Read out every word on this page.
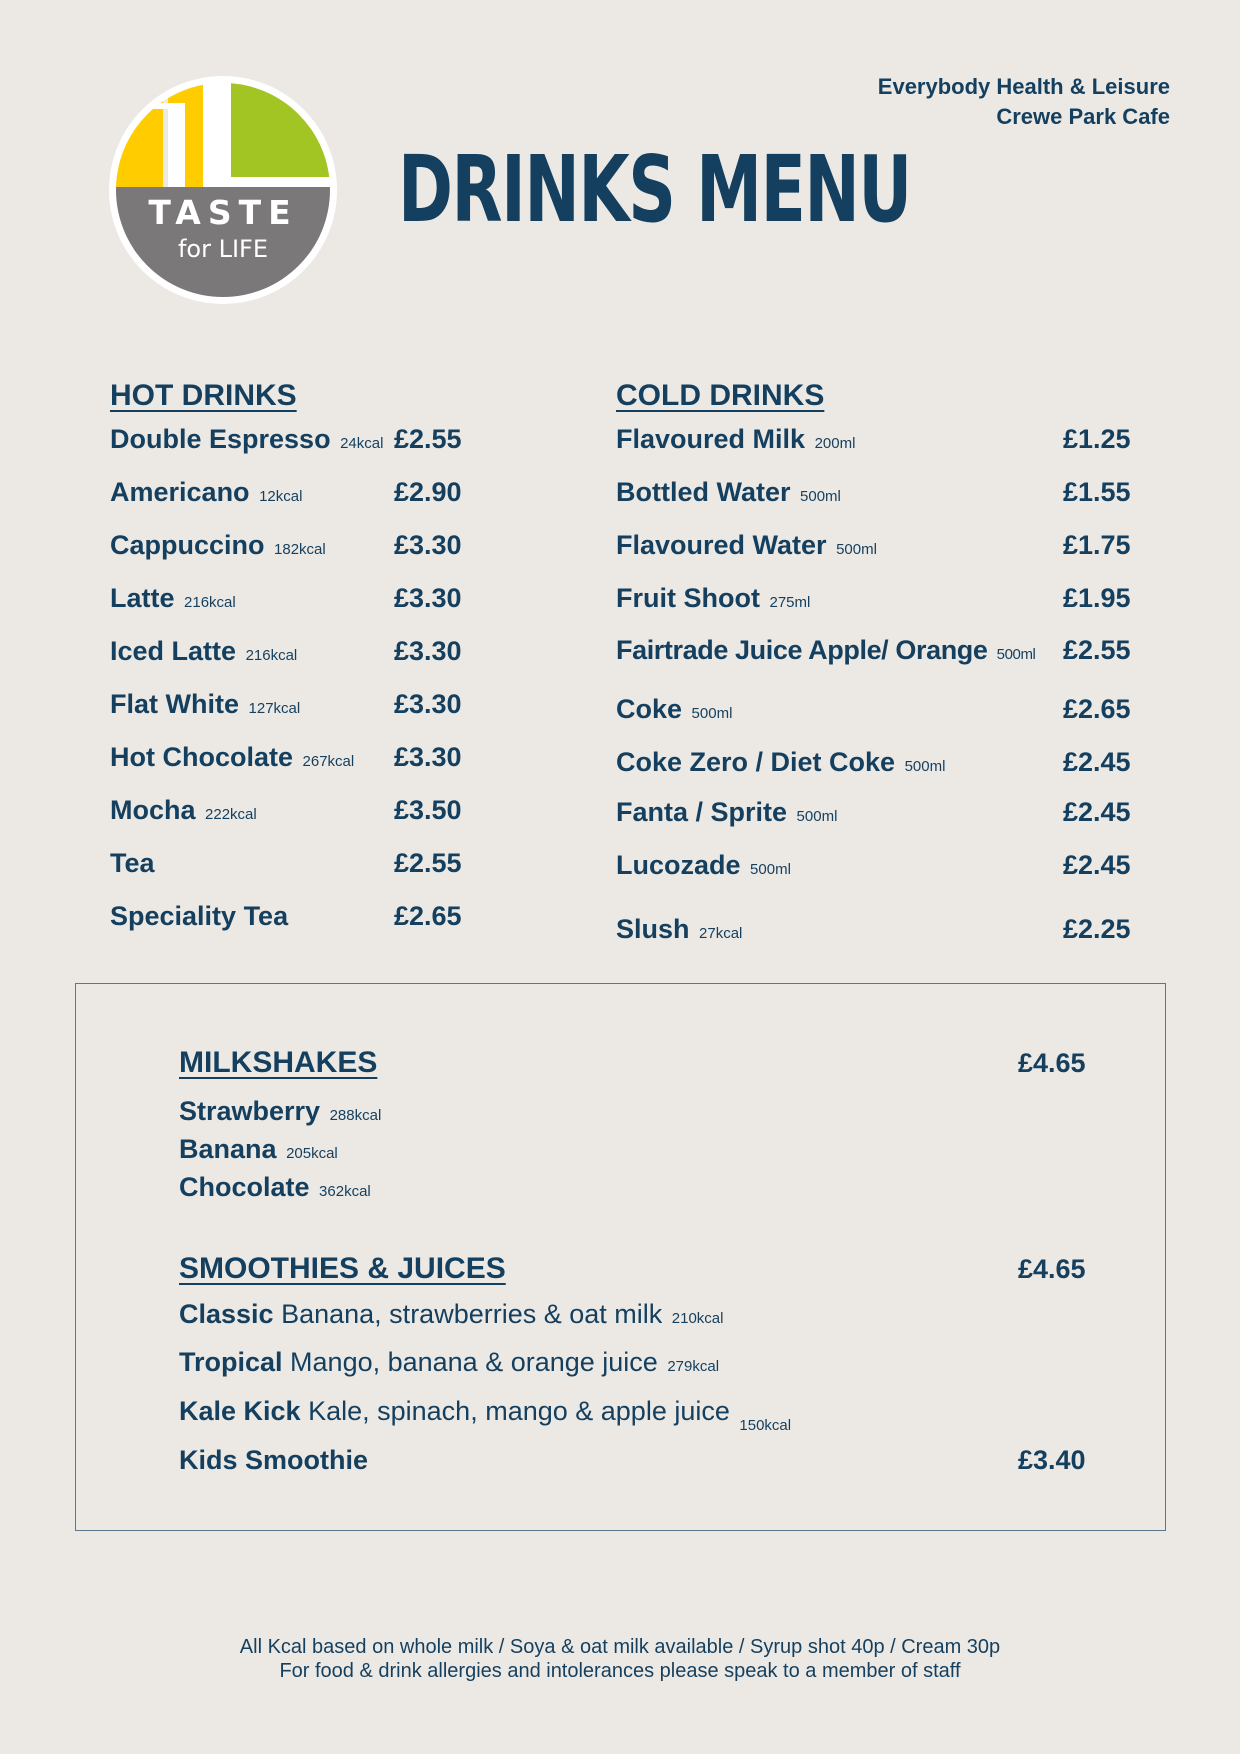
TASTE
for LIFE
Everybody Health & Leisure
Crewe Park Cafe
DRINKS MENU
HOT DRINKS
Double Espresso 24kcal £2.55
Americano 12kcal	£2.90
Cappuccino 182kcal	£3.30
Latte 216kcal	£3.30
Iced Latte 216kcal	£3.30
Flat White 127kcal	£3.30
Hot Chocolate 267kcal £3.30
Mocha 222kcal	£3.50
Tea	£2.55
Speciality Tea	£2.65
COLD DRINKS
Flavoured Milk 200ml	£1.25
Bottled Water 500ml	£1.55
Flavoured Water 500ml	£1.75
Fruit Shoot 275ml	£1.95
Fairtrade Juice Apple/ Orange 500ml £2.55
Coke 500ml	£2.65
Coke Zero / Diet Coke 500ml	£2.45
Fanta / Sprite 500ml	£2.45
Lucozade 500ml	£2.45
Slush 27kcal	£2.25
MILKSHAKES	£4.65
Strawberry 288kcal
Banana 205kcal
Chocolate 362kcal
SMOOTHIES & JUICES	£4.65
Classic Banana, strawberries & oat milk 210kcal
Tropical Mango, banana & orange juice 279kcal
Kale Kick Kale, spinach, mango & apple juice $_{150kcal}$
Kids Smoothie	£3.40
All Kcal based on whole milk / Soya & oat milk available / Syrup shot 40p / Cream 30p
For food & drink allergies and intolerances please speak to a member of staff
